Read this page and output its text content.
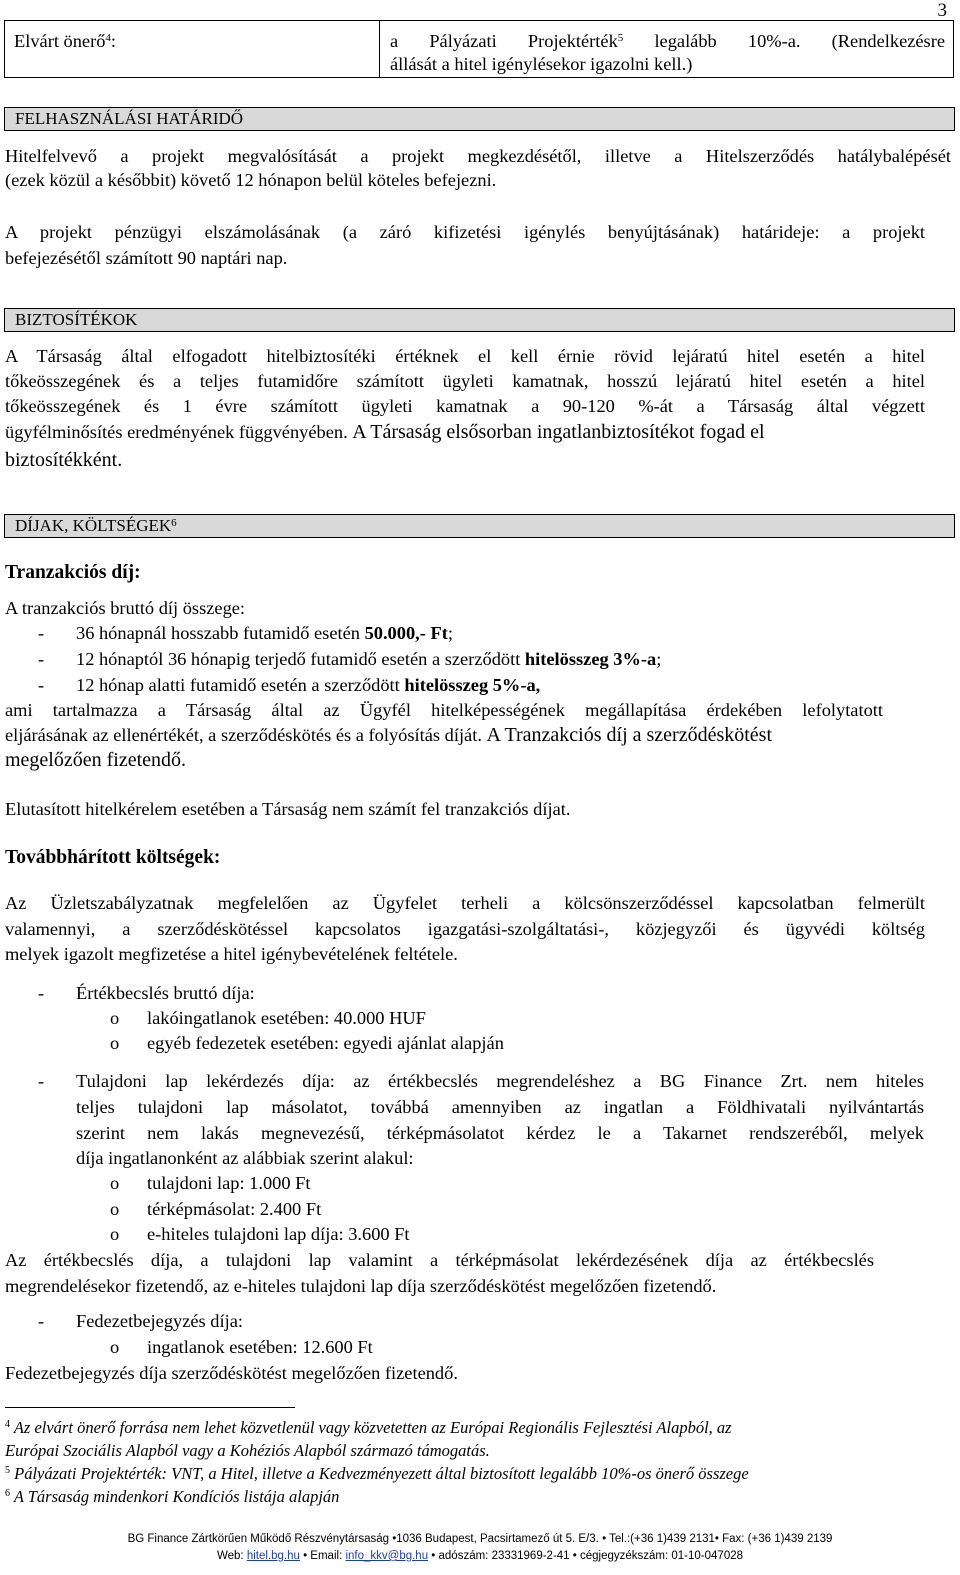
3
Elvárt önerő$^4$:	a Pályázati Projektérték$^5$ legalább 10%-a. (Rendelkezésre
állását a hitel igénylésekor igazolni kell.)
FELHASZNÁLÁSI HATÁRIDŐ
Hitelfelvevő a projekt megvalósítását a projekt megkezdésétől, illetve a Hitelszerződés hatálybalépését
(ezek közül a későbbit) követő 12 hónapon belül köteles befejezni.
A projekt pénzügyi elszámolásának (a záró kifizetési igénylés benyújtásának) határideje: a projekt
befejezésétől számított 90 naptári nap.
BIZTOSÍTÉKOK
A Társaság által elfogadott hitelbiztosítéki értéknek el kell érnie rövid lejáratú hitel esetén a hitel
tőkeösszegének és a teljes futamidőre számított ügyleti kamatnak, hosszú lejáratú hitel esetén a hitel
tőkeösszegének és 1 évre számított ügyleti kamatnak a 90-120 %-át a Társaság által végzett
ügyfélminősítés eredményének függvényében. A Társaság elsősorban ingatlanbiztosítékot fogad el
biztosítékként.
DÍJAK, KÖLTSÉGEK$^6$
Tranzakciós díj:
A tranzakciós bruttó díj összege:
-	36 hónapnál hosszabb futamidő esetén 50.000,- Ft;
-	12 hónaptól 36 hónapig terjedő futamidő esetén a szerződött hitelösszeg 3%-a;
-	12 hónap alatti futamidő esetén a szerződött hitelösszeg 5%-a,
ami tartalmazza a Társaság által az Ügyfél hitelképességének megállapítása érdekében lefolytatott
eljárásának az ellenértékét, a szerződéskötés és a folyósítás díját. A Tranzakciós díj a szerződéskötést
megelőzően fizetendő.
Elutasított hitelkérelem esetében a Társaság nem számít fel tranzakciós díjat.
Továbbhárított költségek:
Az Üzletszabályzatnak megfelelően az Ügyfelet terheli a kölcsönszerződéssel kapcsolatban felmerült
valamennyi, a szerződéskötéssel kapcsolatos igazgatási-szolgáltatási-, közjegyzői és ügyvédi költség
melyek igazolt megfizetése a hitel igénybevételének feltétele.
-	Értékbecslés bruttó díja:
o	lakóingatlanok esetében: 40.000 HUF
o	egyéb fedezetek esetében: egyedi ajánlat alapján
-	Tulajdoni lap lekérdezés díja: az értékbecslés megrendeléshez a BG Finance Zrt. nem hiteles
teljes tulajdoni lap másolatot, továbbá amennyiben az ingatlan a Földhivatali nyilvántartás
szerint nem lakás megnevezésű, térképmásolatot kérdez le a Takarnet rendszeréből, melyek
díja ingatlanonként az alábbiak szerint alakul:
o	tulajdoni lap: 1.000 Ft
o	térképmásolat: 2.400 Ft
o	e-hiteles tulajdoni lap díja: 3.600 Ft
Az értékbecslés díja, a tulajdoni lap valamint a térképmásolat lekérdezésének díja az értékbecslés
megrendelésekor fizetendő, az e-hiteles tulajdoni lap díja szerződéskötést megelőzően fizetendő.
-	Fedezetbejegyzés díja:
o	ingatlanok esetében: 12.600 Ft
Fedezetbejegyzés díja szerződéskötést megelőzően fizetendő.
$^4$ Az elvárt önerő forrása nem lehet közvetlenül vagy közvetetten az Európai Regionális Fejlesztési Alapból, az
Európai Szociális Alapból vagy a Kohéziós Alapból származó támogatás.
$^5$ Pályázati Projektérték: VNT, a Hitel, illetve a Kedvezményezett által biztosított legalább 10%-os önerő összege
$^6$ A Társaság mindenkori Kondíciós listája alapján
BG Finance Zártkörűen Működő Részvénytársaság •1036 Budapest, Pacsirtamező út 5. E/3. • Tel.:(+36 1)439 2131• Fax: (+36 1)439 2139
Web: hitel.bg.hu • Email: info_kkv@bg.hu • adószám: 23331969-2-41 • cégjegyzékszám: 01-10-047028
